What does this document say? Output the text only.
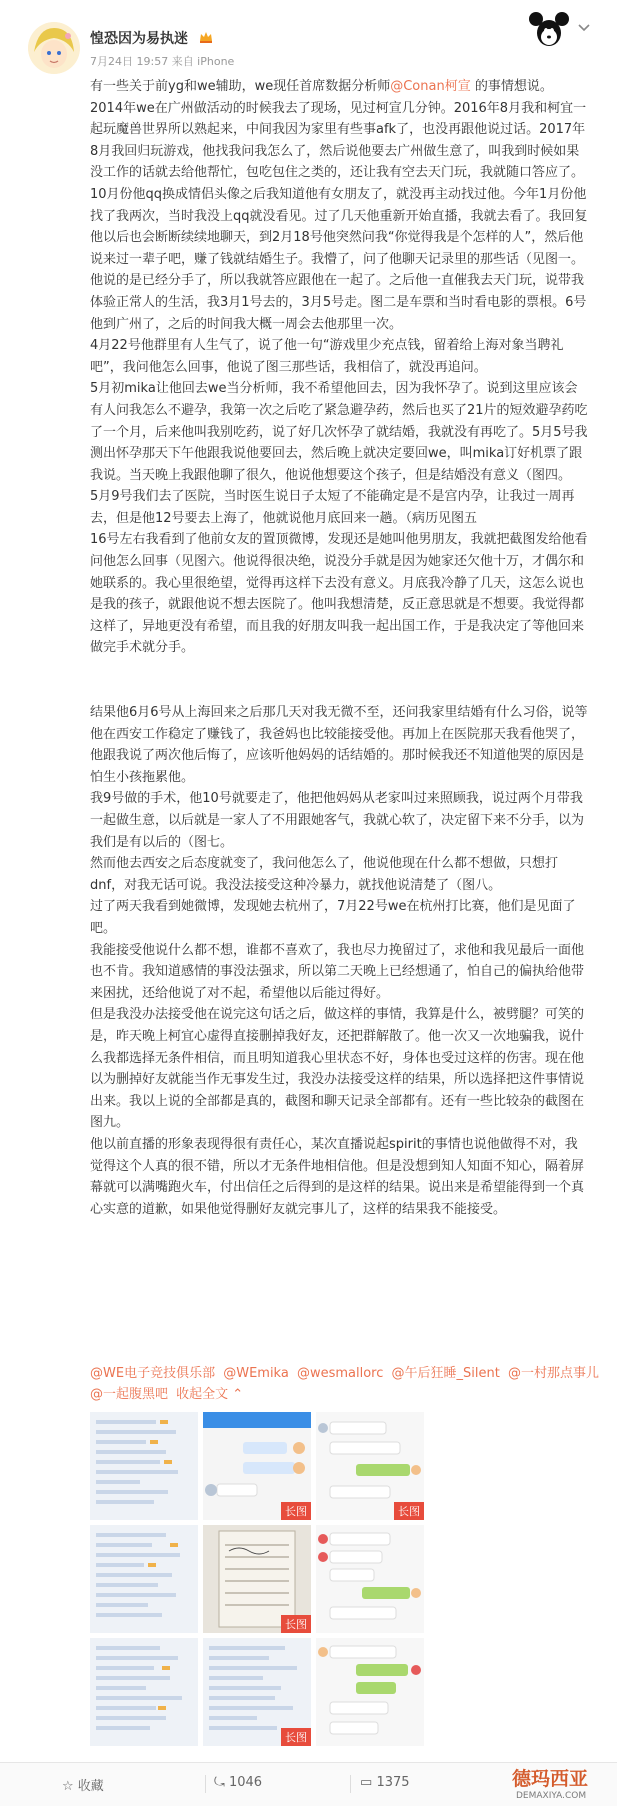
惶恐因为易执迷
7月24日 19:57 来自 iPhone

有一些关于前yg和we辅助，we现任首席数据分析师@Conan柯宣 的事情想说。

2014年we在广州做活动的时候我去了现场，见过柯宣几分钟。2016年8月我和柯宜一起玩魔兽世界所以熟起来，中间我因为家里有些事afk了，也没再跟他说过话。2017年8月我回归玩游戏，他找我问我怎么了，然后说他要去广州做生意了，叫我到时候如果没工作的话就去给他帮忙，包吃包住之类的，还让我有空去天门玩，我就随口答应了。

10月份他qq换成情侣头像之后我知道他有女朋友了，就没再主动找过他。今年1月份他找了我两次，当时我没上qq就没看见。过了几天他重新开始直播，我就去看了。我回复他以后也会断断续续地聊天，到2月18号他突然问我“你觉得我是个怎样的人”，然后他说来过一辈子吧，赚了钱就结婚生子。我懵了，问了他聊天记录里的那些话（见图一。

他说的是已经分手了，所以我就答应跟他在一起了。之后他一直催我去天门玩，说带我体验正常人的生活，我3月1号去的，3月5号走。图二是车票和当时看电影的票根。6号他到广州了，之后的时间我大概一周会去他那里一次。

4月22号他群里有人生气了，说了他一句“游戏里少充点钱，留着给上海对象当聘礼吧”，我问他怎么回事，他说了图三那些话，我相信了，就没再追问。

5月初mika让他回去we当分析师，我不希望他回去，因为我怀孕了。说到这里应该会有人问我怎么不避孕，我第一次之后吃了紧急避孕药，然后也买了21片的短效避孕药吃了一个月，后来他叫我别吃药，说了好几次怀孕了就结婚，我就没有再吃了。5月5号我测出怀孕那天下午他跟我说他要回去，然后晚上就决定要回we，叫mika订好机票了跟我说。当天晚上我跟他聊了很久，他说他想要这个孩子，但是结婚没有意义（图四。

5月9号我们去了医院，当时医生说日子太短了不能确定是不是宫内孕，让我过一周再去，但是他12号要去上海了，他就说他月底回来一趟。（病历见图五

16号左右我看到了他前女友的置顶微博，发现还是她叫他男朋友，我就把截图发给他看问他怎么回事（见图六。他说得很决绝，说没分手就是因为她家还欠他十万，才偶尔和她联系的。我心里很绝望，觉得再这样下去没有意义。月底我冷静了几天，这怎么说也是我的孩子，就跟他说不想去医院了。他叫我想清楚，反正意思就是不想要。我觉得都这样了，异地更没有希望，而且我的好朋友叫我一起出国工作，于是我决定了等他回来做完手术就分手。

结果他6月6号从上海回来之后那几天对我无微不至，还问我家里结婚有什么习俗，说等他在西安工作稳定了赚钱了，我爸妈也比较能接受他。再加上在医院那天我看他哭了，他跟我说了两次他后悔了，应该听他妈妈的话结婚的。那时候我还不知道他哭的原因是怕生小孩拖累他。

我9号做的手术，他10号就要走了，他把他妈妈从老家叫过来照顾我，说过两个月带我一起做生意，以后就是一家人了不用跟她客气，我就心软了，决定留下来不分手，以为我们是有以后的（图七。

然而他去西安之后态度就变了，我问他怎么了，他说他现在什么都不想做，只想打dnf，对我无话可说。我没法接受这种冷暴力，就找他说清楚了（图八。

过了两天我看到她微博，发现她去杭州了，7月22号we在杭州打比赛，他们是见面了吧。

我能接受他说什么都不想，谁都不喜欢了，我也尽力挽留过了，求他和我见最后一面他也不肯。我知道感情的事没法强求，所以第二天晚上已经想通了，怕自己的偏执给他带来困扰，还给他说了对不起，希望他以后能过得好。

但是我没办法接受他在说完这句话之后，做这样的事情，我算是什么，被劈腿？可笑的是，昨天晚上柯宜心虚得直接删掉我好友，还把群解散了。他一次又一次地骗我，说什么我都选择无条件相信，而且明知道我心里状态不好，身体也受过这样的伤害。现在他以为删掉好友就能当作无事发生过，我没办法接受这样的结果，所以选择把这件事情说出来。我以上说的全部都是真的，截图和聊天记录全部都有。还有一些比较杂的截图在图九。

他以前直播的形象表现得很有责任心，某次直播说起spirit的事情也说他做得不对，我觉得这个人真的很不错，所以才无条件地相信他。但是没想到知人知面不知心，隔着屏幕就可以满嘴跑火车，付出信任之后得到的是这样的结果。说出来是希望能得到一个真心实意的道歉，如果他觉得删好友就完事儿了，这样的结果我不能接受。

@WE电子竞技俱乐部 @WEmika @wesmallorc @午后狂睡_Silent @一村那点事儿 @一起腹黑吧 收起全文 ⌃
长图	长图
长图
长图
☆ 收藏	⤿ 1046	▭ 1375	德玛西亚
DEMAXIYA.COM
